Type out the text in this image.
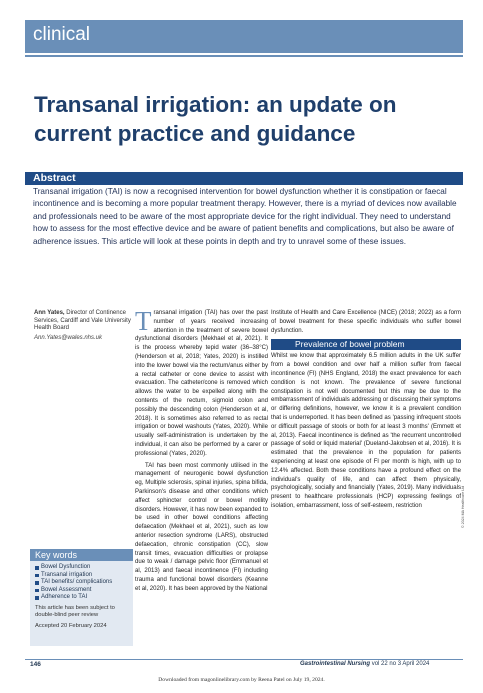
clinical
Transanal irrigation: an update on current practice and guidance
Abstract

Transanal irrigation (TAI) is now a recognised intervention for bowel dysfunction whether it is constipation or faecal incontinence and is becoming a more popular treatment therapy. However, there is a myriad of devices now available and professionals need to be aware of the most appropriate device for the right individual. They need to understand how to assess for the most effective device and be aware of patient benefits and complications, but also be aware of adherence issues. This article will look at these points in depth and try to unravel some of these issues.

Ann Yates, Director of Continence Services, Cardiff and Vale University Health Board
Ann.Yates@wales.nhs.uk
Key words
Bowel Dysfunction
Transanal irrigation
TAI benefits/ complications
Bowel Assessment
Adherence to TAI

This article has been subject to double-blind peer review

Accepted 20 February 2024

Transanal irrigation (TAI) has over the past number of years received increasing attention in the treatment of severe bowel dysfunctional disorders (Mekhael et al, 2021). It is the process whereby tepid water (36–38°C) (Henderson et al, 2018; Yates, 2020) is instilled into the lower bowel via the rectum/anus either by a rectal catheter or cone device to assist with evacuation. The catheter/cone is removed which allows the water to be expelled along with the contents of the rectum, sigmoid colon and possibly the descending colon (Henderson et al, 2018). It is sometimes also referred to as rectal irrigation or bowel washouts (Yates, 2020). While usually self-administration is undertaken by the individual, it can also be performed by a carer or professional (Yates, 2020).

TAI has been most commonly utilised in the management of neurogenic bowel dysfunction eg, Multiple sclerosis, spinal injuries, spina bifida, Parkinson's disease and other conditions which affect sphincter control or bowel motility disorders. However, it has now been expanded to be used in other bowel conditions affecting defaecation (Mekhael et al, 2021), such as low anterior resection syndrome (LARS), obstructed defaecation, chronic constipation (CC), slow transit times, evacuation difficulties or prolapse due to weak / damage pelvic floor (Emmanuel et al, 2013) and faecal incontinence (FI) including trauma and functional bowel disorders (Keanne et al, 2020). It has been approved by the National

Institute of Health and Care Excellence (NICE) (2018; 2022) as a form of bowel treatment for these specific individuals who suffer bowel dysfunction.

Prevalence of bowel problem

Whilst we know that approximately 6.5 million adults in the UK suffer from a bowel condition and over half a million suffer from faecal incontinence (FI) (NHS England, 2018) the exact prevalence for each condition is not known. The prevalence of severe functional constipation is not well documented but this may be due to the embarrassment of individuals addressing or discussing their symptoms or differing definitions, however, we know it is a prevalent condition that is underreported. It has been defined as 'passing infrequent stools or difficult passage of stools or both for at least 3 months' (Emmett et al, 2013). Faecal incontinence is defined as 'the recurrent uncontrolled passage of solid or liquid material' (Dueland-Jakobsen et al, 2016). It is estimated that the prevalence in the population for patients experiencing at least one episode of FI per month is high, with up to 12.4% affected. Both these conditions have a profound effect on the individual's quality of life, and can affect them physically, psychologically, socially and financially (Yates, 2019). Many individuals present to healthcare professionals (HCP) expressing feelings of isolation, embarrassment, loss of self-esteem, restriction	© 2024 MA Healthcare Ltd
146	Gastrointestinal Nursing vol 22 no 3 April 2024
Downloaded from magonlinelibrary.com by Reena Patel on July 19, 2024.
